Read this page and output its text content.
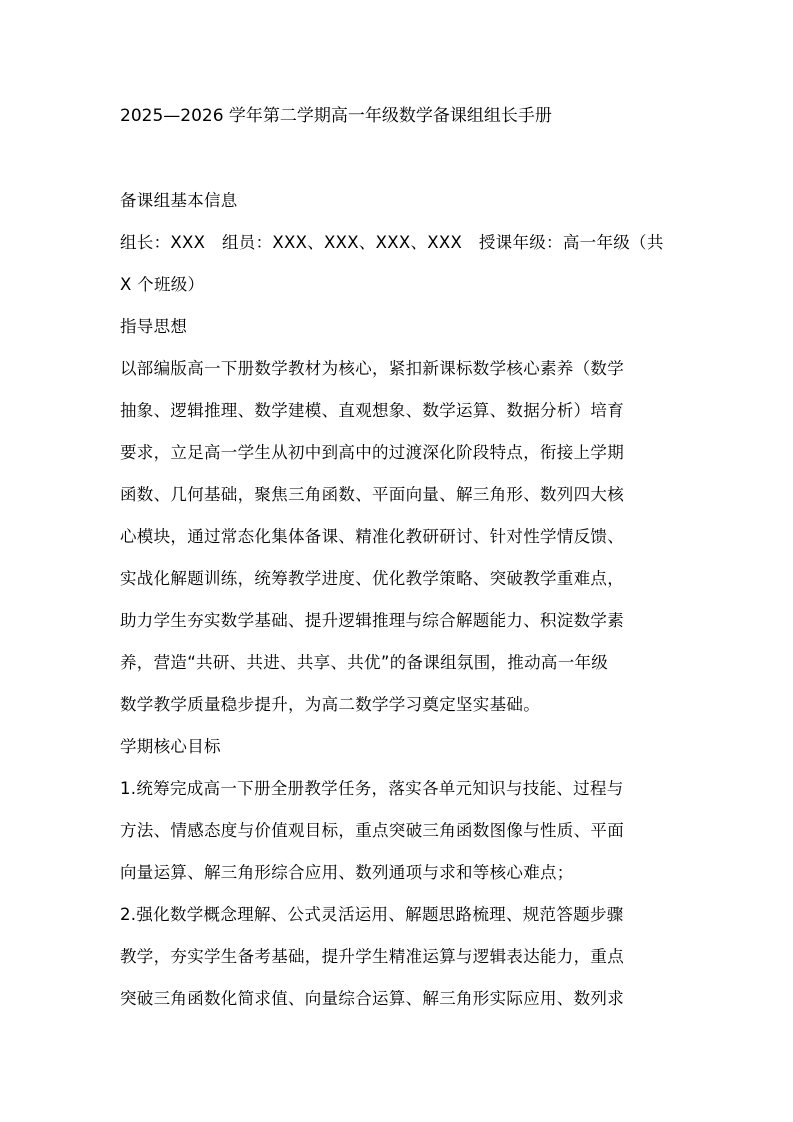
2025—2026 学年第二学期高一年级数学备课组组长手册
备课组基本信息
组长：XXX　组员：XXX、XXX、XXX、XXX　授课年级：高一年级（共
X 个班级）
指导思想
以部编版高一下册数学教材为核心，紧扣新课标数学核心素养（数学
抽象、逻辑推理、数学建模、直观想象、数学运算、数据分析）培育
要求，立足高一学生从初中到高中的过渡深化阶段特点，衔接上学期
函数、几何基础，聚焦三角函数、平面向量、解三角形、数列四大核
心模块，通过常态化集体备课、精准化教研研讨、针对性学情反馈、
实战化解题训练，统筹教学进度、优化教学策略、突破教学重难点，
助力学生夯实数学基础、提升逻辑推理与综合解题能力、积淀数学素
养，营造“共研、共进、共享、共优”的备课组氛围，推动高一年级
数学教学质量稳步提升，为高二数学学习奠定坚实基础。
学期核心目标
1.统筹完成高一下册全册教学任务，落实各单元知识与技能、过程与
方法、情感态度与价值观目标，重点突破三角函数图像与性质、平面
向量运算、解三角形综合应用、数列通项与求和等核心难点；
2.强化数学概念理解、公式灵活运用、解题思路梳理、规范答题步骤
教学，夯实学生备考基础，提升学生精准运算与逻辑表达能力，重点
突破三角函数化简求值、向量综合运算、解三角形实际应用、数列求
